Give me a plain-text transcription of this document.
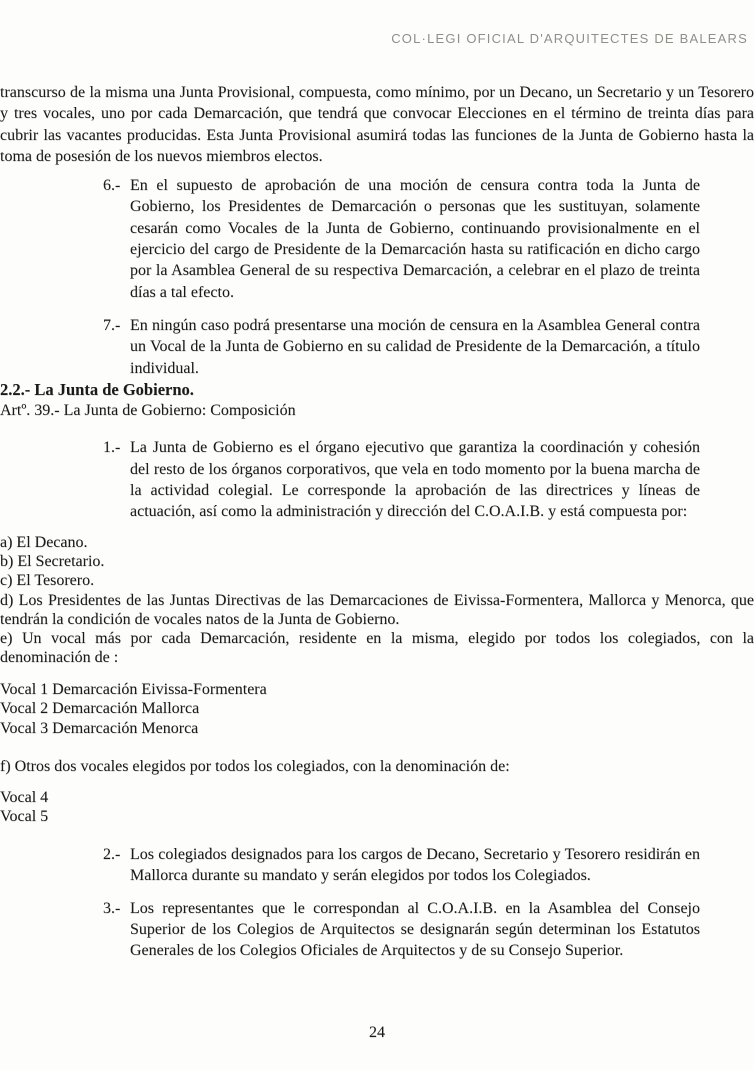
COL·LEGI OFICIAL D'ARQUITECTES DE BALEARS

transcurso de la misma una Junta Provisional, compuesta, como mínimo, por un Decano, un Secretario y un Tesorero y tres vocales, uno por cada Demarcación, que tendrá que convocar Elecciones en el término de treinta días para cubrir las vacantes producidas. Esta Junta Provisional asumirá todas las funciones de la Junta de Gobierno hasta la toma de posesión de los nuevos miembros electos.

6.- En el supuesto de aprobación de una moción de censura contra toda la Junta de Gobierno, los Presidentes de Demarcación o personas que les sustituyan, solamente cesarán como Vocales de la Junta de Gobierno, continuando provisionalmente en el ejercicio del cargo de Presidente de la Demarcación hasta su ratificación en dicho cargo por la Asamblea General de su respectiva Demarcación, a celebrar en el plazo de treinta días a tal efecto.
7.- En ningún caso podrá presentarse una moción de censura en la Asamblea General contra un Vocal de la Junta de Gobierno en su calidad de Presidente de la Demarcación, a título individual.

2.2.- La Junta de Gobierno.

Artº. 39.- La Junta de Gobierno: Composición

1.- La Junta de Gobierno es el órgano ejecutivo que garantiza la coordinación y cohesión del resto de los órganos corporativos, que vela en todo momento por la buena marcha de la actividad colegial. Le corresponde la aprobación de las directrices y líneas de actuación, así como la administración y dirección del C.O.A.I.B. y está compuesta por:

a) El Decano.

b) El Secretario.

c) El Tesorero.

d) Los Presidentes de las Juntas Directivas de las Demarcaciones de Eivissa-Formentera, Mallorca y Menorca, que tendrán la condición de vocales natos de la Junta de Gobierno.

e) Un vocal más por cada Demarcación, residente en la misma, elegido por todos los colegiados, con la denominación de :

Vocal 1 Demarcación Eivissa-Formentera

Vocal 2 Demarcación Mallorca

Vocal 3 Demarcación Menorca

f) Otros dos vocales elegidos por todos los colegiados, con la denominación de:

Vocal 4

Vocal 5

2.- Los colegiados designados para los cargos de Decano, Secretario y Tesorero residirán en Mallorca durante su mandato y serán elegidos por todos los Colegiados.
3.- Los representantes que le correspondan al C.O.A.I.B. en la Asamblea del Consejo Superior de los Colegios de Arquitectos se designarán según determinan los Estatutos Generales de los Colegios Oficiales de Arquitectos y de su Consejo Superior.
24
